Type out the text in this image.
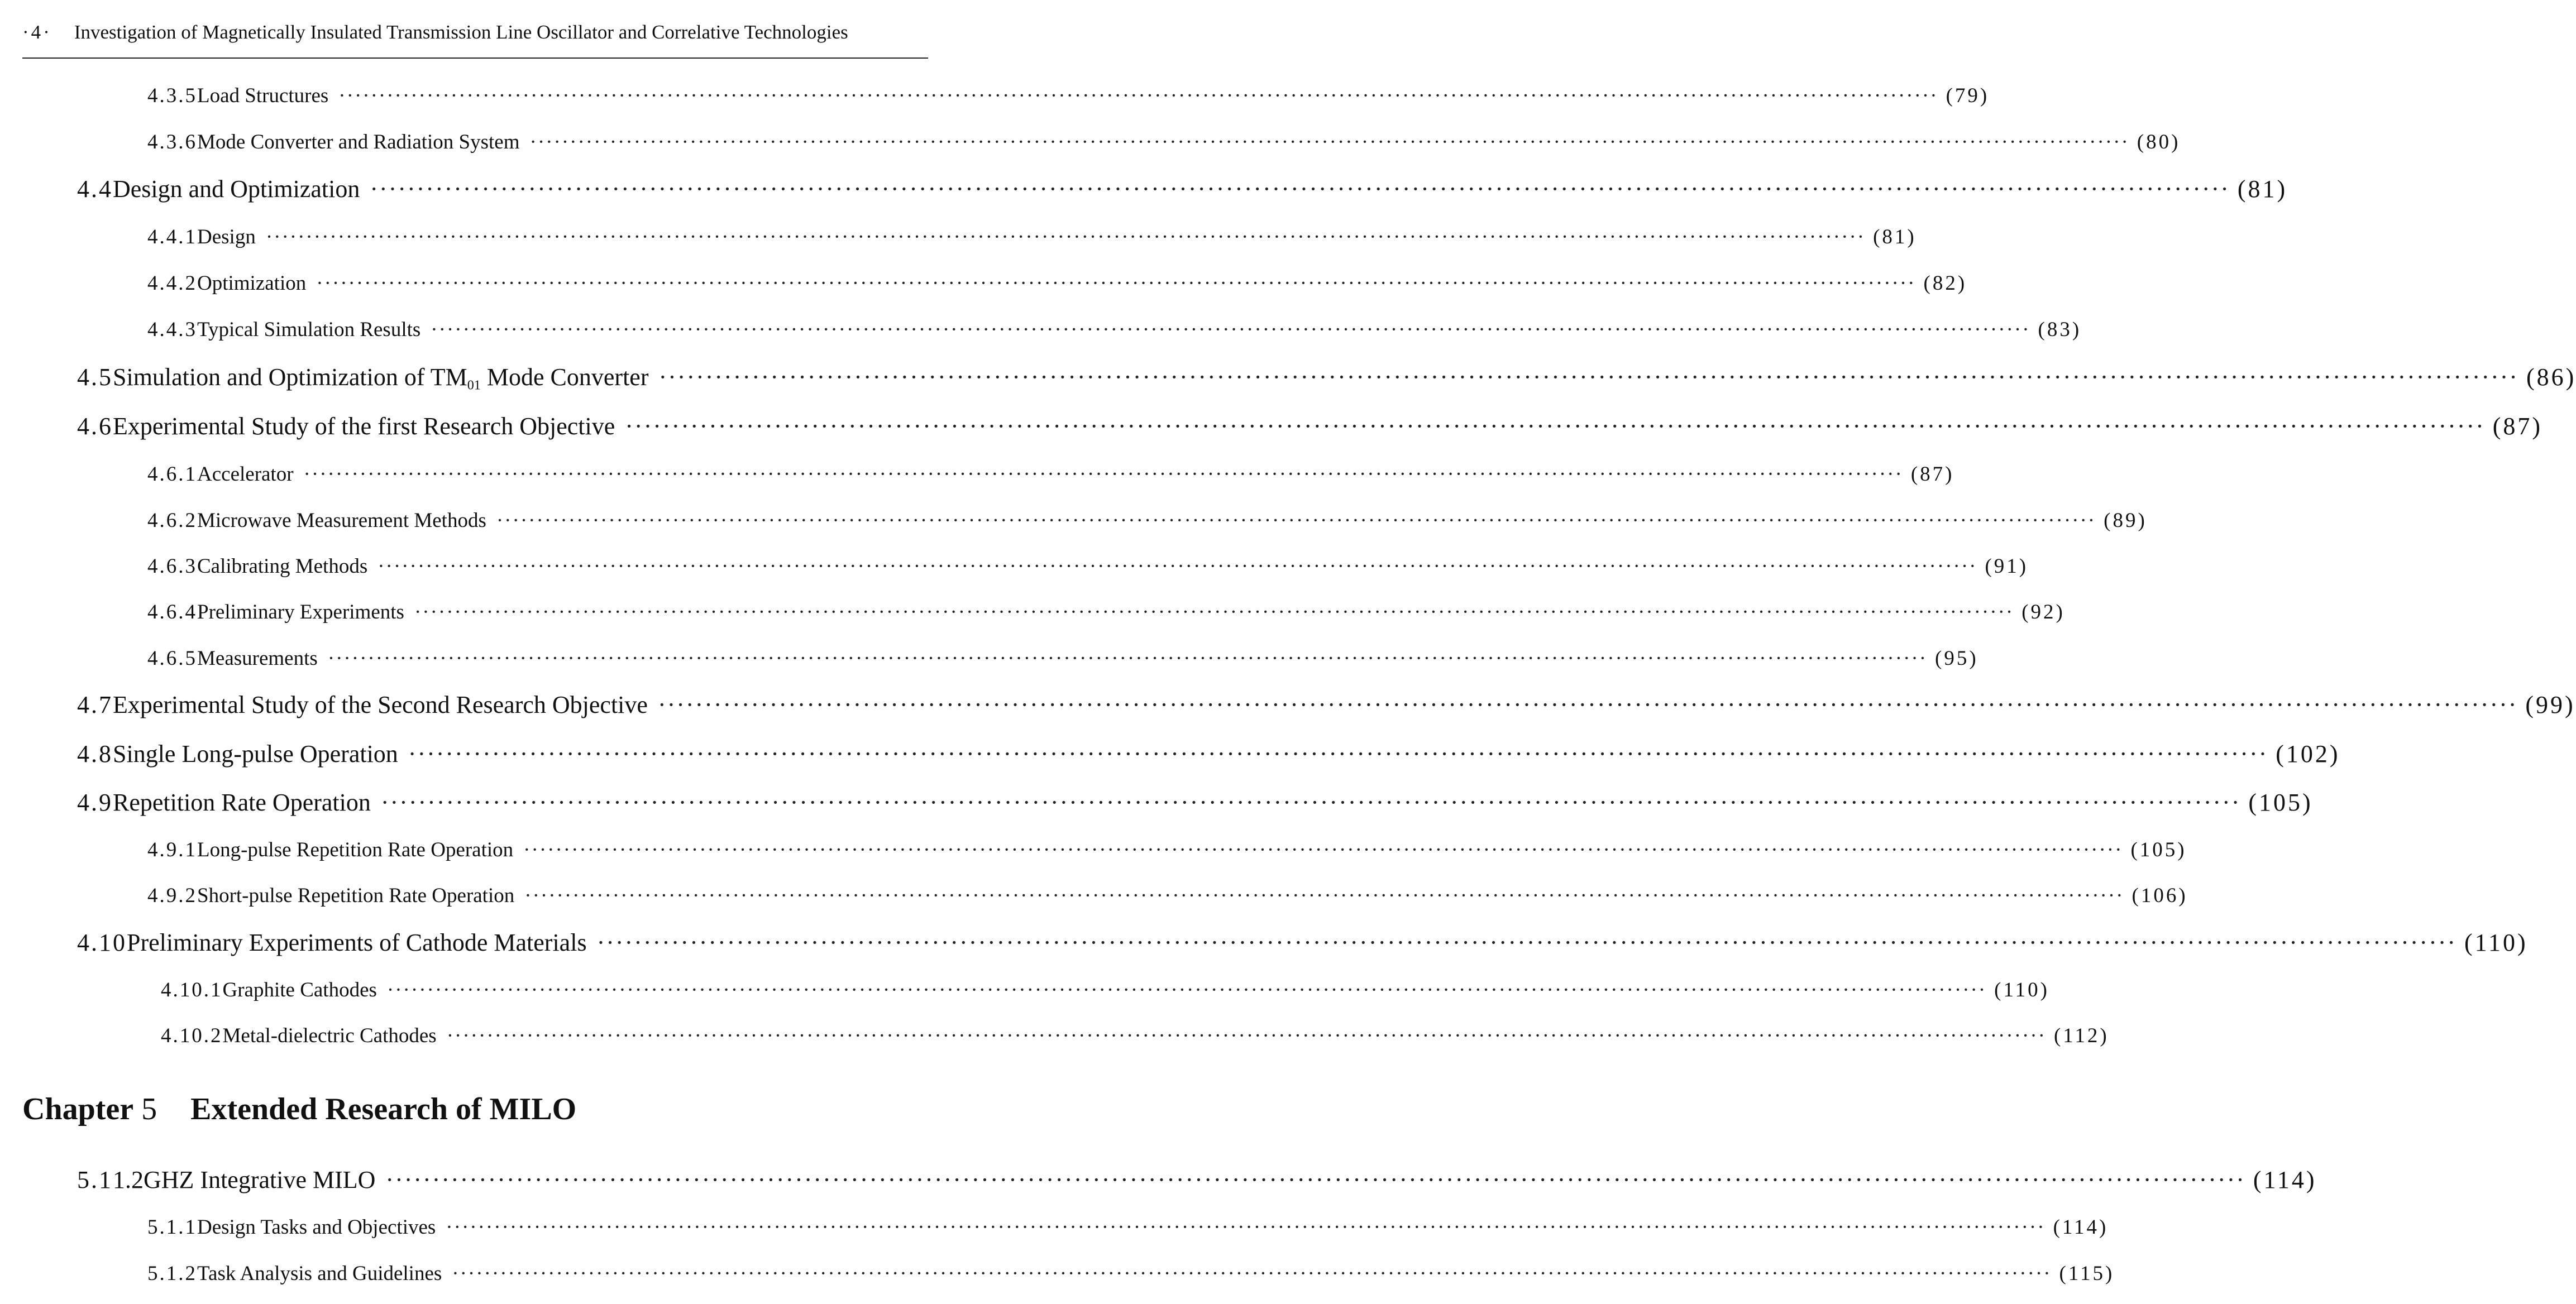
·4· Investigation of Magnetically Insulated Transmission Line Oscillator and Correlative Technologies
4.3.5 Load Structures ········································································································································································································ (79)
4.3.6 Mode Converter and Radiation System ········································································································································································································ (80)
4.4 Design and Optimization ········································································································································································································ (81)
4.4.1 Design ········································································································································································································ (81)
4.4.2 Optimization ········································································································································································································ (82)
4.4.3 Typical Simulation Results ········································································································································································································ (83)
4.5 Simulation and Optimization of $TM_{01}$ Mode Converter ········································································································································································································ (86)
4.6 Experimental Study of the first Research Objective ········································································································································································································ (87)
4.6.1 Accelerator ········································································································································································································ (87)
4.6.2 Microwave Measurement Methods ········································································································································································································ (89)
4.6.3 Calibrating Methods ········································································································································································································ (91)
4.6.4 Preliminary Experiments ········································································································································································································ (92)
4.6.5 Measurements ········································································································································································································ (95)
4.7 Experimental Study of the Second Research Objective ········································································································································································································ (99)
4.8 Single Long-pulse Operation ········································································································································································································ (102)
4.9 Repetition Rate Operation ········································································································································································································ (105)
4.9.1 Long-pulse Repetition Rate Operation ········································································································································································································ (105)
4.9.2 Short-pulse Repetition Rate Operation ········································································································································································································ (106)
4.10 Preliminary Experiments of Cathode Materials ········································································································································································································ (110)
4.10.1 Graphite Cathodes ········································································································································································································ (110)
4.10.2 Metal-dielectric Cathodes ········································································································································································································ (112)
Chapter 5 Extended Research of MILO
5.1 1.2GHZ Integrative MILO ········································································································································································································ (114)
5.1.1 Design Tasks and Objectives ········································································································································································································ (114)
5.1.2 Task Analysis and Guidelines ········································································································································································································ (115)
